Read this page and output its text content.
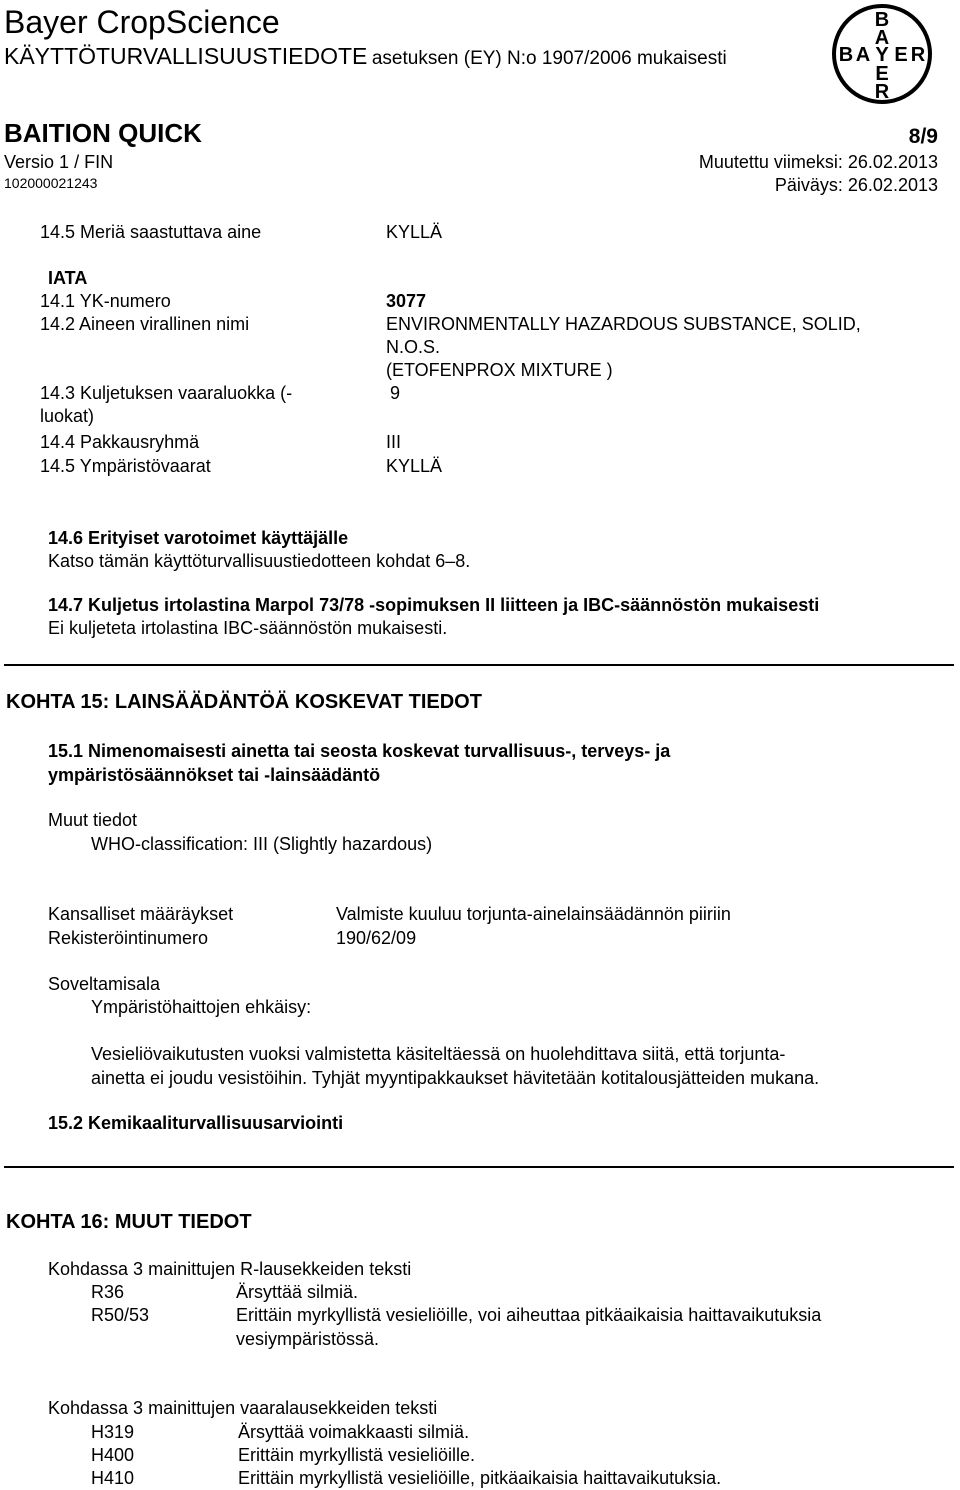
Bayer CropScience
KÄYTTÖTURVALLISUUSTIEDOTE asetuksen (EY) N:o 1907/2006 mukaisesti
B
A
B A Y E R
E
R
BAITION QUICK	8/9
Versio 1 / FIN	Muutettu viimeksi: 26.02.2013
102000021243	Päiväys: 26.02.2013
14.5 Meriä saastuttava aine	KYLLÄ
IATA
14.1 YK-numero	3077
14.2 Aineen virallinen nimi	ENVIRONMENTALLY HAZARDOUS SUBSTANCE, SOLID,
N.O.S.
(ETOFENPROX MIXTURE )
14.3 Kuljetuksen vaaraluokka (-	9
luokat)
14.4 Pakkausryhmä	III
14.5 Ympäristövaarat	KYLLÄ
14.6 Erityiset varotoimet käyttäjälle
Katso tämän käyttöturvallisuustiedotteen kohdat 6–8.
14.7 Kuljetus irtolastina Marpol 73/78 -sopimuksen II liitteen ja IBC-säännöstön mukaisesti
Ei kuljeteta irtolastina IBC-säännöstön mukaisesti.
KOHTA 15: LAINSÄÄDÄNTÖÄ KOSKEVAT TIEDOT
15.1 Nimenomaisesti ainetta tai seosta koskevat turvallisuus-, terveys- ja
ympäristösäännökset tai -lainsäädäntö
Muut tiedot
WHO-classification: III (Slightly hazardous)
Kansalliset määräykset	Valmiste kuuluu torjunta-ainelainsäädännön piiriin
Rekisteröintinumero	190/62/09
Soveltamisala
Ympäristöhaittojen ehkäisy:
Vesieliövaikutusten vuoksi valmistetta käsiteltäessä on huolehdittava siitä, että torjunta-
ainetta ei joudu vesistöihin. Tyhjät myyntipakkaukset hävitetään kotitalousjätteiden mukana.
15.2 Kemikaaliturvallisuusarviointi
KOHTA 16: MUUT TIEDOT
Kohdassa 3 mainittujen R-lausekkeiden teksti
R36	Ärsyttää silmiä.
R50/53	Erittäin myrkyllistä vesieliöille, voi aiheuttaa pitkäaikaisia haittavaikutuksia
vesiympäristössä.
Kohdassa 3 mainittujen vaaralausekkeiden teksti
H319	Ärsyttää voimakkaasti silmiä.
H400	Erittäin myrkyllistä vesieliöille.
H410	Erittäin myrkyllistä vesieliöille, pitkäaikaisia haittavaikutuksia.
